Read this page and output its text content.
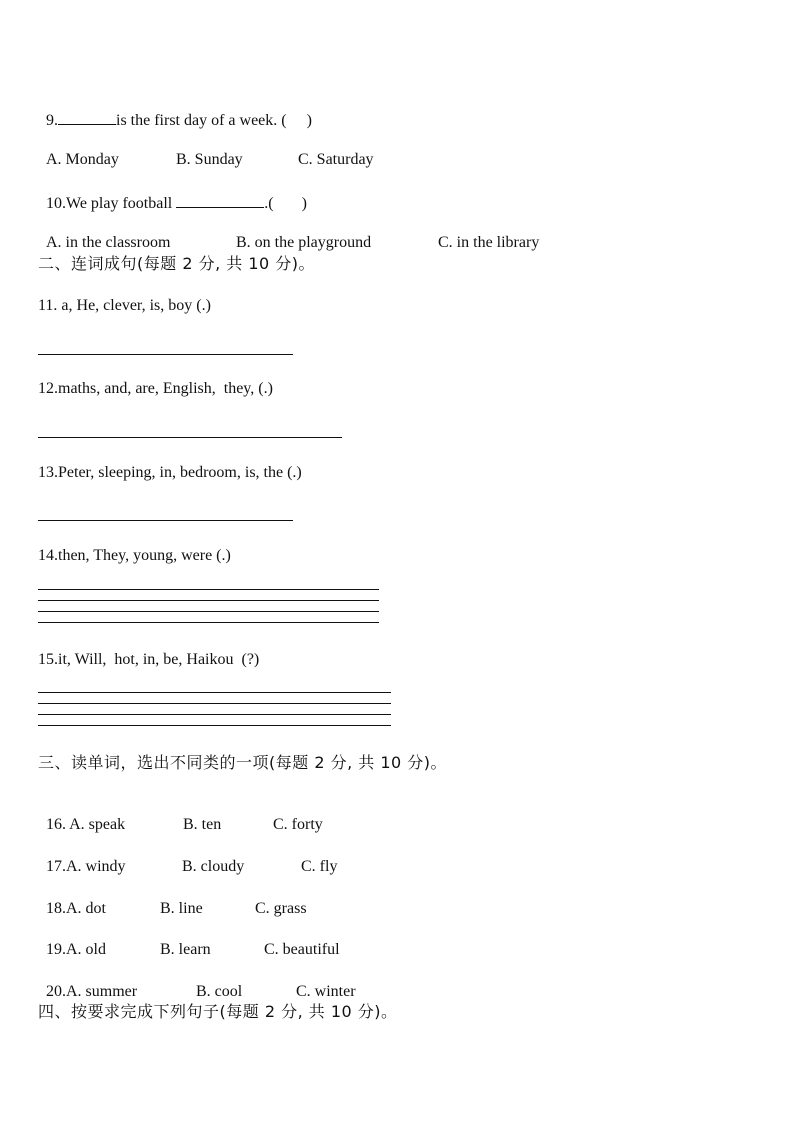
9.	is the first day of a week. (     )

A. Monday	B. Sunday	C. Saturday

10.We play football	.(       )

A. in the classroom	B. on the playground	C. in the library

二、连词成句(每题 2 分, 共 10 分)。
11. a, He, clever, is, boy (.)
12.maths, and, are, English,  they, (.)
13.Peter, sleeping, in, bedroom, is, the (.)
14.then, They, young, were (.)
15.it, Will,  hot, in, be, Haikou  (?)
三、读单词，选出不同类的一项(每题 2 分, 共 10 分)。

16. A. speak	B. ten	C. forty

17.A. windy	B. cloudy	C. fly

18.A. dot	B. line	C. grass

19.A. old	B. learn	C. beautiful

20.A. summer	B. cool	C. winter

四、按要求完成下列句子(每题 2 分, 共 10 分)。
